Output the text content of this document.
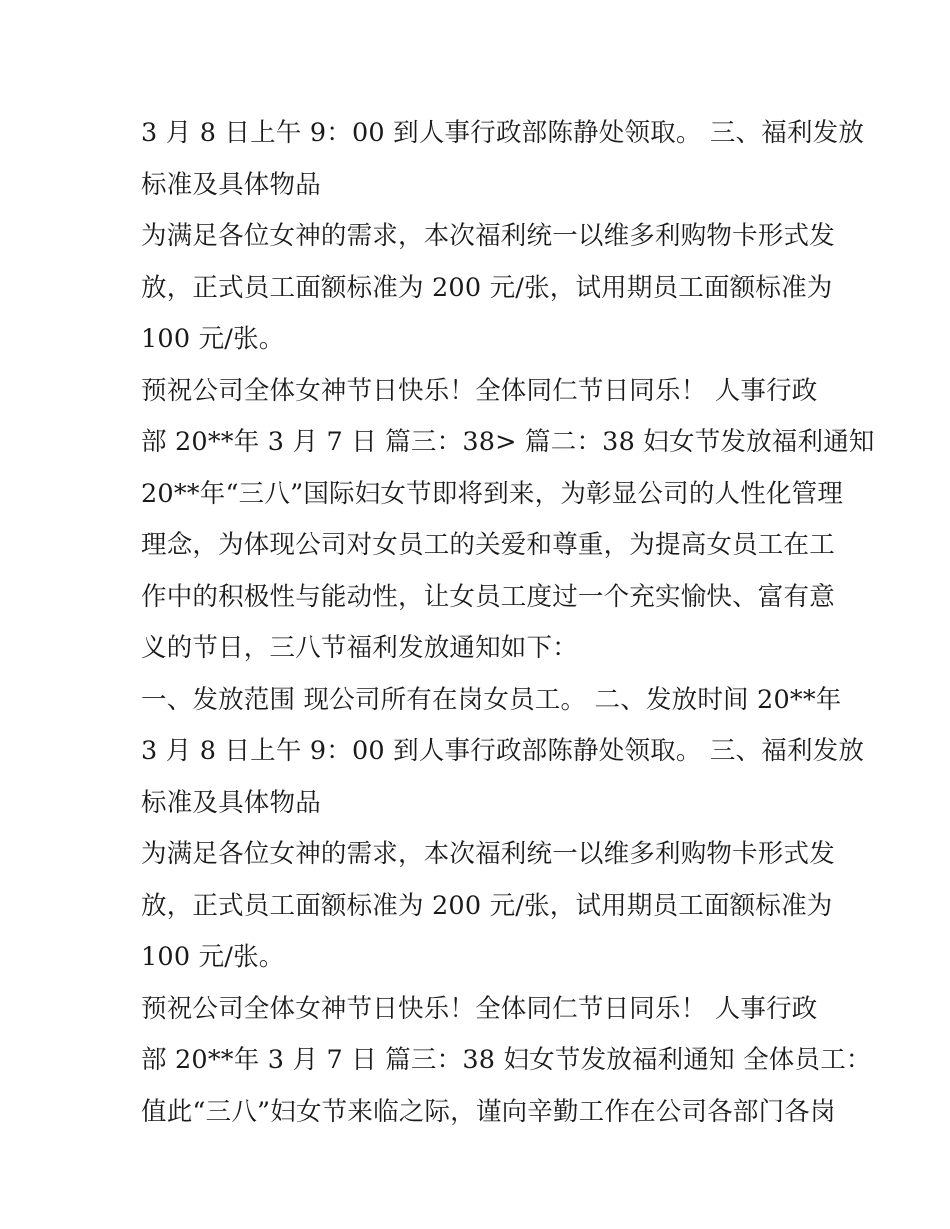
3 月 8 日上午 9：00 到人事行政部陈静处领取。 三、福利发放
标准及具体物品
为满足各位女神的需求，本次福利统一以维多利购物卡形式发
放，正式员工面额标准为 200 元/张，试用期员工面额标准为
100 元/张。
预祝公司全体女神节日快乐！全体同仁节日同乐！ 人事行政
部 20**年 3 月 7 日 篇三：38> 篇二：38 妇女节发放福利通知
20**年“三八”国际妇女节即将到来，为彰显公司的人性化管理
理念，为体现公司对女员工的关爱和尊重，为提高女员工在工
作中的积极性与能动性，让女员工度过一个充实愉快、富有意
义的节日，三八节福利发放通知如下：
一、发放范围 现公司所有在岗女员工。 二、发放时间 20**年
3 月 8 日上午 9：00 到人事行政部陈静处领取。 三、福利发放
标准及具体物品
为满足各位女神的需求，本次福利统一以维多利购物卡形式发
放，正式员工面额标准为 200 元/张，试用期员工面额标准为
100 元/张。
预祝公司全体女神节日快乐！全体同仁节日同乐！ 人事行政
部 20**年 3 月 7 日 篇三：38 妇女节发放福利通知 全体员工：
值此“三八”妇女节来临之际，谨向辛勤工作在公司各部门各岗
